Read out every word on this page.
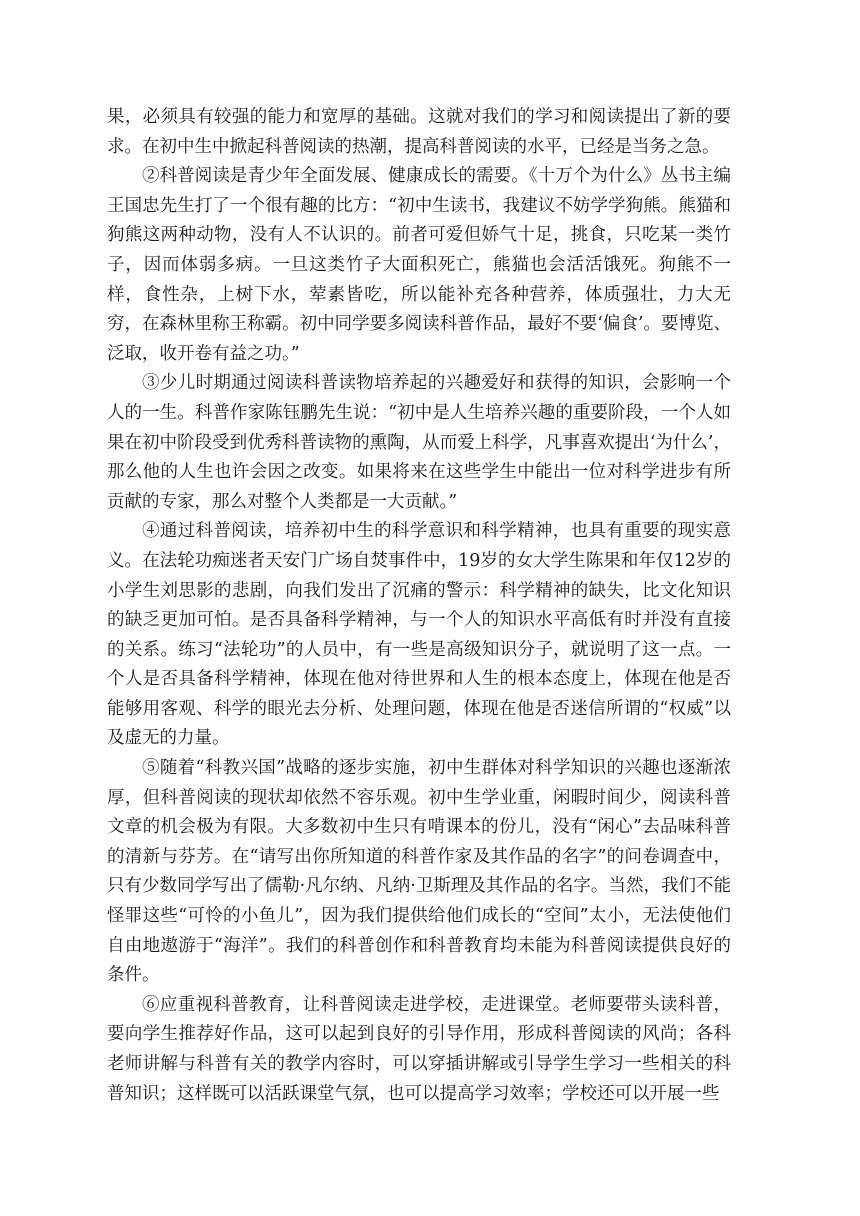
果，必须具有较强的能力和宽厚的基础。这就对我们的学习和阅读提出了新的要求。在初中生中掀起科普阅读的热潮，提高科普阅读的水平，已经是当务之急。

②科普阅读是青少年全面发展、健康成长的需要。《十万个为什么》丛书主编王国忠先生打了一个很有趣的比方：“初中生读书，我建议不妨学学狗熊。熊猫和狗熊这两种动物，没有人不认识的。前者可爱但娇气十足，挑食，只吃某一类竹子，因而体弱多病。一旦这类竹子大面积死亡，熊猫也会活活饿死。狗熊不一样，食性杂，上树下水，荤素皆吃，所以能补充各种营养，体质强壮，力大无穷，在森林里称王称霸。初中同学要多阅读科普作品，最好不要‘偏食’。要博览、泛取，收开卷有益之功。”

③少儿时期通过阅读科普读物培养起的兴趣爱好和获得的知识，会影响一个人的一生。科普作家陈钰鹏先生说：“初中是人生培养兴趣的重要阶段，一个人如果在初中阶段受到优秀科普读物的熏陶，从而爱上科学，凡事喜欢提出‘为什么’，那么他的人生也许会因之改变。如果将来在这些学生中能出一位对科学进步有所贡献的专家，那么对整个人类都是一大贡献。”

④通过科普阅读，培养初中生的科学意识和科学精神，也具有重要的现实意义。在法轮功痴迷者天安门广场自焚事件中，19岁的女大学生陈果和年仅12岁的小学生刘思影的悲剧，向我们发出了沉痛的警示：科学精神的缺失，比文化知识的缺乏更加可怕。是否具备科学精神，与一个人的知识水平高低有时并没有直接的关系。练习“法轮功”的人员中，有一些是高级知识分子，就说明了这一点。一个人是否具备科学精神，体现在他对待世界和人生的根本态度上，体现在他是否能够用客观、科学的眼光去分析、处理问题，体现在他是否迷信所谓的“权威”以及虚无的力量。

⑤随着“科教兴国”战略的逐步实施，初中生群体对科学知识的兴趣也逐渐浓厚，但科普阅读的现状却依然不容乐观。初中生学业重，闲暇时间少，阅读科普文章的机会极为有限。大多数初中生只有啃课本的份儿，没有“闲心”去品味科普的清新与芬芳。在“请写出你所知道的科普作家及其作品的名字”的问卷调查中，只有少数同学写出了儒勒·凡尔纳、凡纳·卫斯理及其作品的名字。当然，我们不能怪罪这些“可怜的小鱼儿”，因为我们提供给他们成长的“空间”太小，无法使他们自由地遨游于“海洋”。我们的科普创作和科普教育均未能为科普阅读提供良好的条件。

⑥应重视科普教育，让科普阅读走进学校，走进课堂。老师要带头读科普，要向学生推荐好作品，这可以起到良好的引导作用，形成科普阅读的风尚；各科老师讲解与科普有关的教学内容时，可以穿插讲解或引导学生学习一些相关的科普知识；这样既可以活跃课堂气氛，也可以提高学习效率；学校还可以开展一些
